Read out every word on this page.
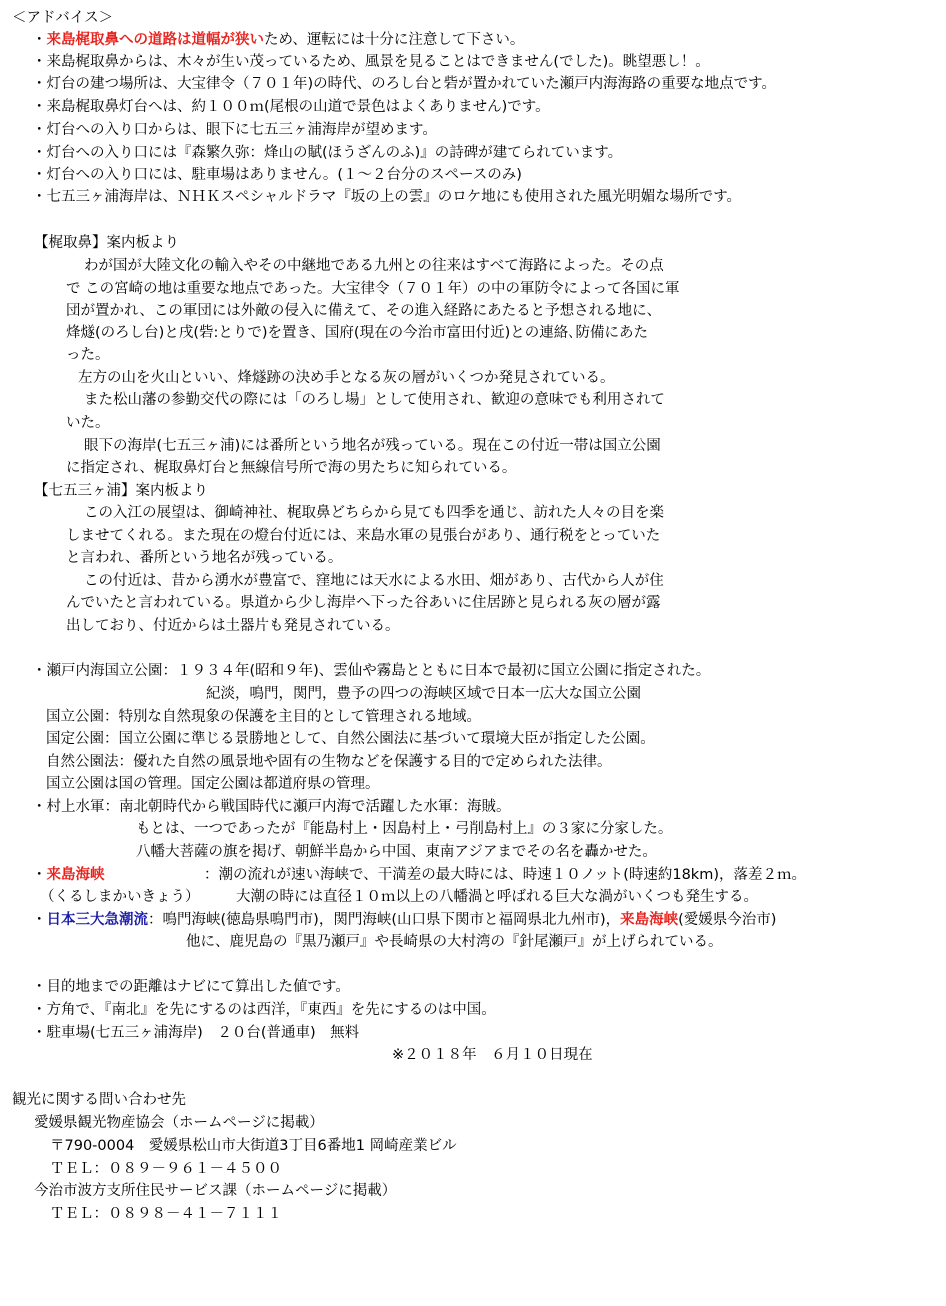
＜アドバイス＞
・来島梶取鼻への道路は道幅が狭いため、運転には十分に注意して下さい。
・来島梶取鼻からは、木々が生い茂っているため、風景を見ることはできません(でした)。眺望悪し！。
・灯台の建つ場所は、大宝律令（７０１年)の時代、のろし台と砦が置かれていた瀬戸内海海路の重要な地点です。
・来島梶取鼻灯台へは、約１００ｍ(尾根の山道で景色はよくありません)です。
・灯台への入り口からは、眼下に七五三ヶ浦海岸が望めます。
・灯台への入り口には『森繁久弥：烽山の賦(ほうざんのふ)』の詩碑が建てられています。
・灯台への入り口には、駐車場はありません。(１～２台分のスペースのみ)
・七五三ヶ浦海岸は、ＮＨＫスペシャルドラマ『坂の上の雲』のロケ地にも使用された風光明媚な場所です。
【梶取鼻】案内板より
わが国が大陸文化の輸入やその中継地である九州との往来はすべて海路によった。その点
で この宮崎の地は重要な地点であった。大宝律令（７０１年）の中の軍防令によって各国に軍
団が置かれ、この軍団には外敵の侵入に備えて、その進入経路にあたると予想される地に、
烽燧(のろし台)と戌(砦:とりで)を置き、国府(現在の今治市富田付近)との連絡､防備にあた
った。
左方の山を火山といい、烽燧跡の決め手となる灰の層がいくつか発見されている。
また松山藩の参勤交代の際には「のろし場」として使用され、歓迎の意味でも利用されて
いた。
眼下の海岸(七五三ヶ浦)には番所という地名が残っている。現在この付近一帯は国立公園
に指定され、梶取鼻灯台と無線信号所で海の男たちに知られている。
【七五三ヶ浦】案内板より
この入江の展望は、御崎神社、梶取鼻どちらから見ても四季を通じ、訪れた人々の目を楽
しませてくれる。また現在の燈台付近には、来島水軍の見張台があり、通行税をとっていた
と言われ、番所という地名が残っている。
この付近は、昔から湧水が豊富で、窪地には天水による水田、畑があり、古代から人が住
んでいたと言われている。県道から少し海岸へ下った谷あいに住居跡と見られる灰の層が露
出しており、付近からは土器片も発見されている。
・瀬戸内海国立公園：１９３４年(昭和９年)、雲仙や霧島とともに日本で最初に国立公園に指定された。
紀淡，鳴門，関門，豊予の四つの海峡区域で日本一広大な国立公園
国立公園：特別な自然現象の保護を主目的として管理される地域。
国定公園：国立公園に準じる景勝地として、自然公園法に基づいて環境大臣が指定した公園。
自然公園法：優れた自然の風景地や固有の生物などを保護する目的で定められた法律。
国立公園は国の管理。国定公園は都道府県の管理。
・村上水軍：南北朝時代から戦国時代に瀬戸内海で活躍した水軍：海賊。
もとは、一つであったが『能島村上・因島村上・弓削島村上』の３家に分家した。
八幡大菩薩の旗を掲げ、朝鮮半島から中国、東南アジアまでその名を轟かせた。
・来島海峡	：潮の流れが速い海峡で、干満差の最大時には、時速１０ノット(時速約18km)，落差２ｍ。
（くるしまかいきょう）	大潮の時には直径１０ｍ以上の八幡渦と呼ばれる巨大な渦がいくつも発生する。
・日本三大急潮流：鳴門海峡(徳島県鳴門市)，関門海峡(山口県下関市と福岡県北九州市)，来島海峡(愛媛県今治市)
他に、鹿児島の『黒乃瀬戸』や長崎県の大村湾の『針尾瀬戸』が上げられている。
・目的地までの距離はナビにて算出した値です。
・方角で、『南北』を先にするのは西洋，『東西』を先にするのは中国。
・駐車場(七五三ヶ浦海岸)　２０台(普通車)　無料
※２０１８年　６月１０日現在
観光に関する問い合わせ先
愛媛県観光物産協会（ホームページに掲載）
〒790-0004　愛媛県松山市大街道3丁目6番地1 岡崎産業ビル
ＴＥＬ：０８９－９６１－４５００
今治市波方支所住民サービス課（ホームページに掲載）
ＴＥＬ：０８９８－４１－７１１１
